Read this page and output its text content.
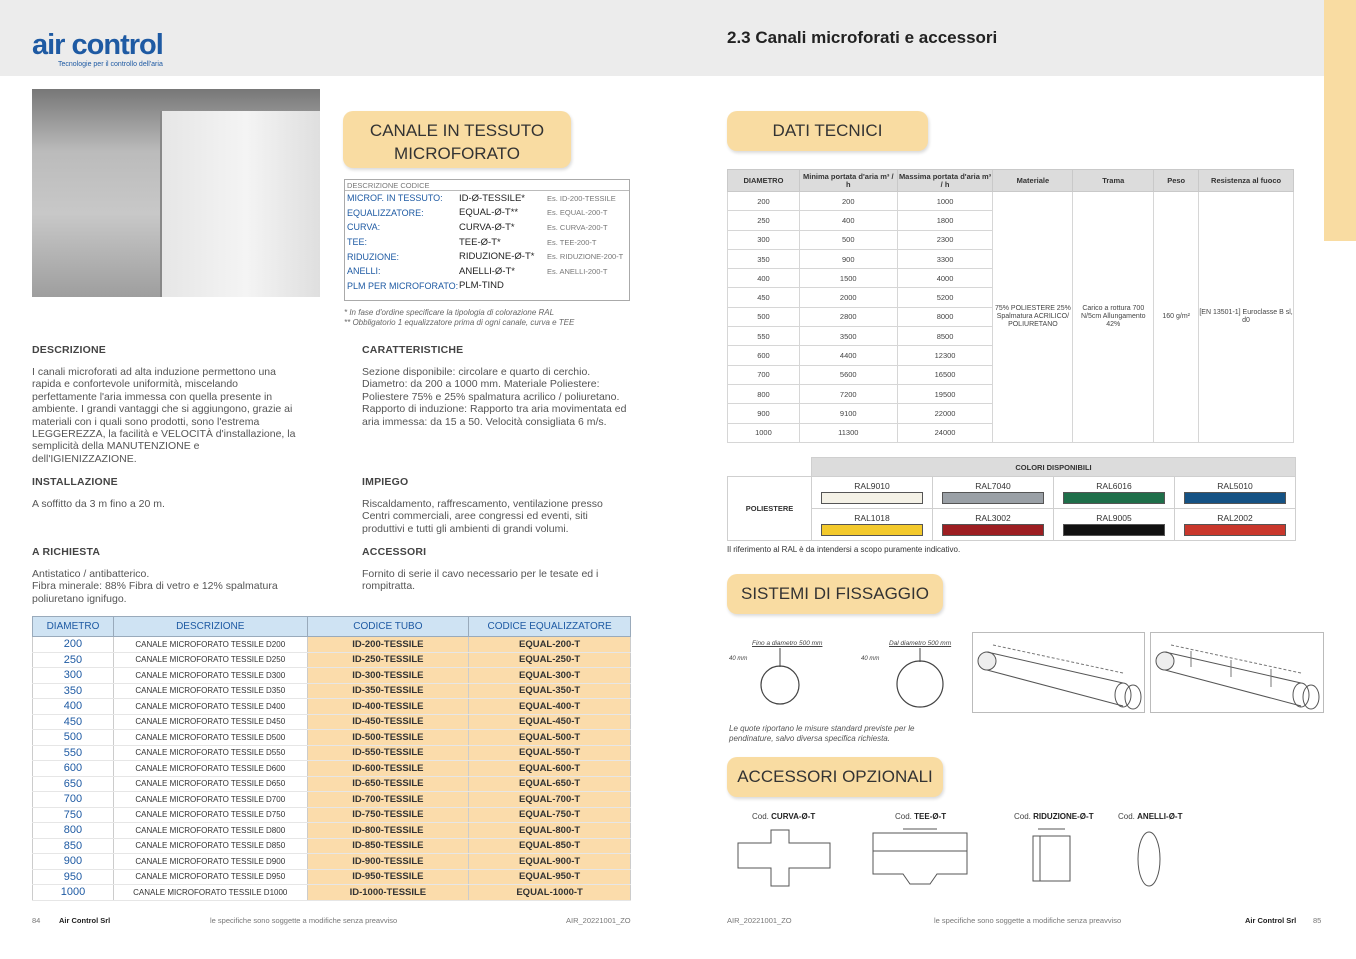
air control
Tecnologie per il controllo dell'aria
2.3 Canali microforati e accessori
CANALE IN TESSUTO
MICROFORATO
DESCRIZIONE CODICE
MICROF. IN TESSUTO:	ID-Ø-TESSILE*	Es. ID-200-TESSILE
EQUALIZZATORE:	EQUAL-Ø-T**	Es. EQUAL-200-T
CURVA:	CURVA-Ø-T*	Es. CURVA-200-T
TEE:	TEE-Ø-T*	Es. TEE-200-T
RIDUZIONE:	RIDUZIONE-Ø-T*	Es. RIDUZIONE-200-T
ANELLI:	ANELLI-Ø-T*	Es. ANELLI-200-T
PLM PER MICROFORATO: PLM-TIND
* In fase d'ordine specificare la tipologia di colorazione RAL
** Obbligatorio 1 equalizzatore prima di ogni canale, curva e TEE
DESCRIZIONE
I canali microforati ad alta induzione permettono una rapida e confortevole uniformità, miscelando perfettamente l'aria immessa con quella presente in ambiente. I grandi vantaggi che si aggiungono, grazie ai materiali con i quali sono prodotti, sono l'estrema LEGGEREZZA, la facilità e VELOCITÀ d'installazione, la semplicità della MANUTENZIONE e dell'IGIENIZZAZIONE.
CARATTERISTICHE
Sezione disponibile: circolare e quarto di cerchio. Diametro: da 200 a 1000 mm. Materiale Poliestere: Poliestere 75% e 25% spalmatura acrilico / poliuretano. Rapporto di induzione: Rapporto tra aria movimentata ed aria immessa: da 15 a 50. Velocità consigliata 6 m/s.
INSTALLAZIONE
A soffitto da 3 m fino a 20 m.
IMPIEGO
Riscaldamento, raffrescamento, ventilazione presso Centri commerciali, aree congressi ed eventi, siti produttivi e tutti gli ambienti di grandi volumi.
A RICHIESTA
Antistatico / antibatterico.
Fibra minerale: 88% Fibra di vetro e 12% spalmatura poliuretano ignifugo.
ACCESSORI
Fornito di serie il cavo necessario per le tesate ed i rompitratta.
DIAMETRO	DESCRIZIONE	CODICE TUBO	CODICE EQUALIZZATORE
200	CANALE MICROFORATO TESSILE D200	ID-200-TESSILE	EQUAL-200-T
250	CANALE MICROFORATO TESSILE D250	ID-250-TESSILE	EQUAL-250-T
300	CANALE MICROFORATO TESSILE D300	ID-300-TESSILE	EQUAL-300-T
350	CANALE MICROFORATO TESSILE D350	ID-350-TESSILE	EQUAL-350-T
400	CANALE MICROFORATO TESSILE D400	ID-400-TESSILE	EQUAL-400-T
450	CANALE MICROFORATO TESSILE D450	ID-450-TESSILE	EQUAL-450-T
500	CANALE MICROFORATO TESSILE D500	ID-500-TESSILE	EQUAL-500-T
550	CANALE MICROFORATO TESSILE D550	ID-550-TESSILE	EQUAL-550-T
600	CANALE MICROFORATO TESSILE D600	ID-600-TESSILE	EQUAL-600-T
650	CANALE MICROFORATO TESSILE D650	ID-650-TESSILE	EQUAL-650-T
700	CANALE MICROFORATO TESSILE D700	ID-700-TESSILE	EQUAL-700-T
750	CANALE MICROFORATO TESSILE D750	ID-750-TESSILE	EQUAL-750-T
800	CANALE MICROFORATO TESSILE D800	ID-800-TESSILE	EQUAL-800-T
850	CANALE MICROFORATO TESSILE D850	ID-850-TESSILE	EQUAL-850-T
900	CANALE MICROFORATO TESSILE D900	ID-900-TESSILE	EQUAL-900-T
950	CANALE MICROFORATO TESSILE D950	ID-950-TESSILE	EQUAL-950-T
1000	CANALE MICROFORATO TESSILE D1000	ID-1000-TESSILE	EQUAL-1000-T
DATI TECNICI
DIAMETRO	Minima portata d'aria m³ / h	Massima portata d'aria m³ / h	Materiale	Trama	Peso	Resistenza al fuoco
200	200	1000	75% POLIESTERE 25% Spalmatura ACRILICO/ POLIURETANO	Carico a rottura 700 N/5cm Allungamento 42%	160 g/m²	[EN 13501-1] Euroclasse B sl, d0
250	400	1800				
300	500	2300				
350	900	3300				
400	1500	4000				
450	2000	5200				
500	2800	8000				
550	3500	8500				
600	4400	12300				
700	5600	16500				
800	7200	19500				
900	9100	22000				
1000	11300	24000				
	COLORI DISPONIBILI			
POLIESTERE	RAL9010	RAL7040	RAL6016	RAL5010

	RAL1018	RAL3002	RAL9005	RAL2002
Il riferimento al RAL è da intendersi a scopo puramente indicativo.
SISTEMI DI FISSAGGIO
Fino a diametro 500 mm	Dal diametro 500 mm
40 mm	40 mm
Le quote riportano le misure standard previste per le pendinature, salvo diversa specifica richiesta.
ACCESSORI OPZIONALI
Cod. CURVA-Ø-T	Cod. TEE-Ø-T	Cod. RIDUZIONE-Ø-T	Cod. ANELLI-Ø-T
84 Air Control Srl	le specifiche sono soggette a modifiche senza preavviso	AIR_20221001_ZO	AIR_20221001_ZO	le specifiche sono soggette a modifiche senza preavviso	Air Control Srl 85
